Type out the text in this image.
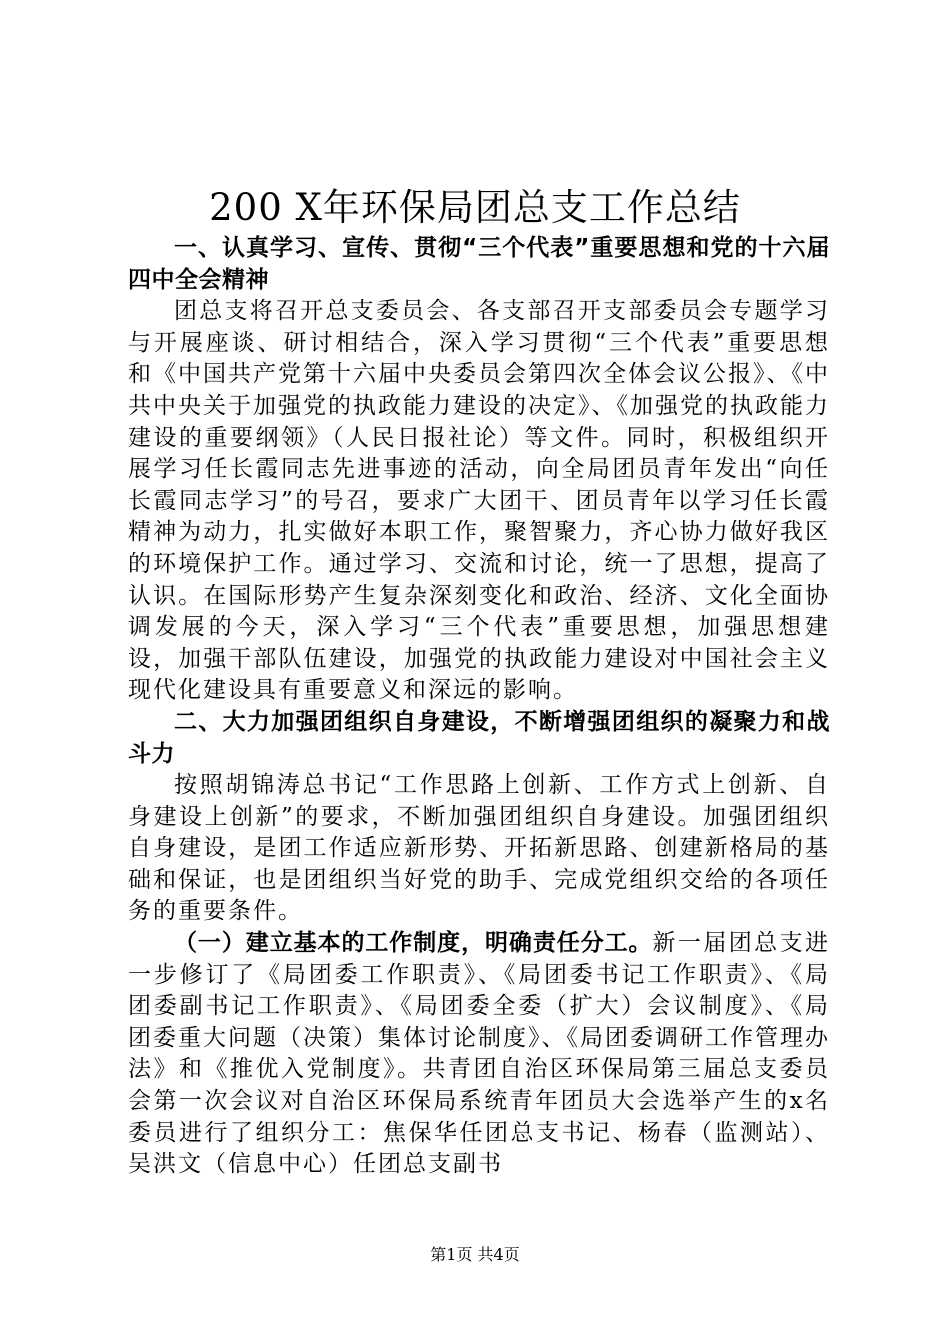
200 X年环保局团总支工作总结

一、认真学习、宣传、贯彻“三个代表”重要思想和党的十六届四中全会精神

团总支将召开总支委员会、各支部召开支部委员会专题学习与开展座谈、研讨相结合，深入学习贯彻“三个代表”重要思想和《中国共产党第十六届中央委员会第四次全体会议公报》、《中共中央关于加强党的执政能力建设的决定》、《加强党的执政能力建设的重要纲领》（人民日报社论）等文件。同时，积极组织开展学习任长霞同志先进事迹的活动，向全局团员青年发出“向任长霞同志学习”的号召，要求广大团干、团员青年以学习任长霞精神为动力，扎实做好本职工作，聚智聚力，齐心协力做好我区的环境保护工作。通过学习、交流和讨论，统一了思想，提高了认识。在国际形势产生复杂深刻变化和政治、经济、文化全面协调发展的今天，深入学习“三个代表”重要思想，加强思想建设，加强干部队伍建设，加强党的执政能力建设对中国社会主义现代化建设具有重要意义和深远的影响。

二、大力加强团组织自身建设，不断增强团组织的凝聚力和战斗力

按照胡锦涛总书记“工作思路上创新、工作方式上创新、自身建设上创新”的要求，不断加强团组织自身建设。加强团组织自身建设，是团工作适应新形势、开拓新思路、创建新格局的基础和保证，也是团组织当好党的助手、完成党组织交给的各项任务的重要条件。

（一）建立基本的工作制度，明确责任分工。新一届团总支进一步修订了《局团委工作职责》、《局团委书记工作职责》、《局团委副书记工作职责》、《局团委全委（扩大）会议制度》、《局团委重大问题（决策）集体讨论制度》、《局团委调研工作管理办法》和《推优入党制度》。共青团自治区环保局第三届总支委员会第一次会议对自治区环保局系统青年团员大会选举产生的x名委员进行了组织分工：焦保华任团总支书记、杨春（监测站）、吴洪文（信息中心）任团总支副书

第1页 共4页
